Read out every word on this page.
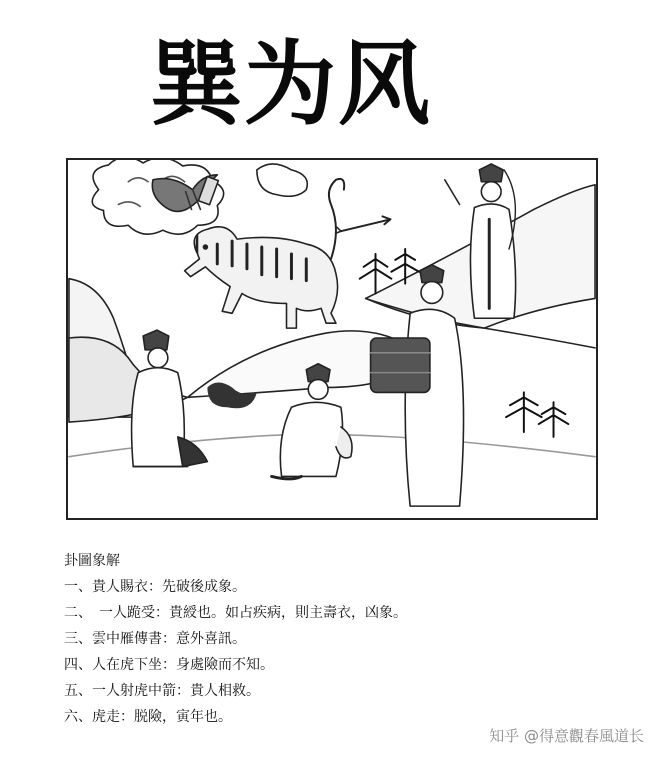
巽为风
卦圖象解
一、貴人賜衣：先破後成象。
二、　一人跪受：貴綬也。如占疾病，則主壽衣，凶象。
三、雲中雁傳書：意外喜訊。
四、人在虎下坐：身處險而不知。
五、一人射虎中箭：貴人相救。
六、虎走：脱險，寅年也。
知乎 @得意觀春風道长
